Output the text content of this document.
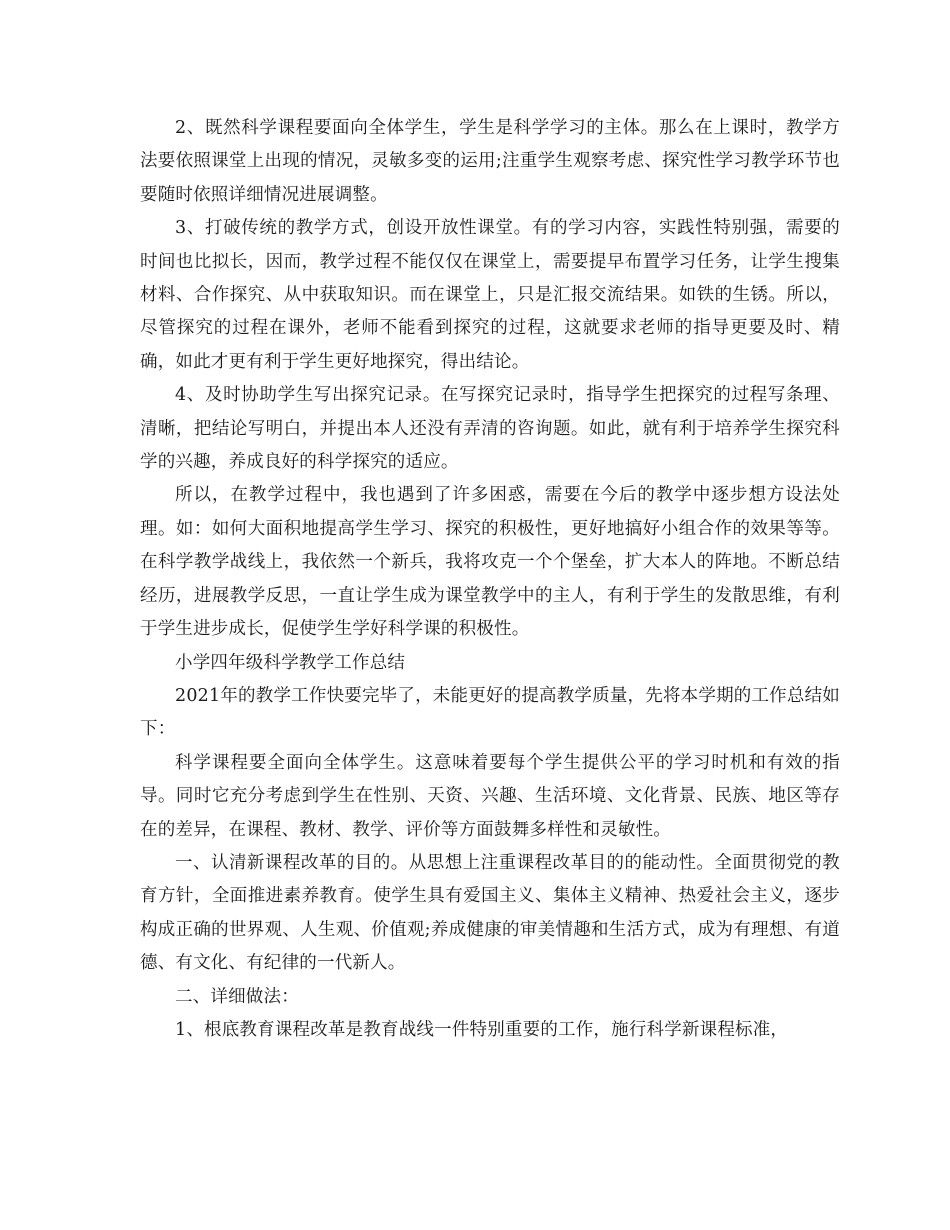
2、既然科学课程要面向全体学生，学生是科学学习的主体。那么在上课时，教学方法要依照课堂上出现的情况，灵敏多变的运用;注重学生观察考虑、探究性学习教学环节也要随时依照详细情况进展调整。

3、打破传统的教学方式，创设开放性课堂。有的学习内容，实践性特别强，需要的时间也比拟长，因而，教学过程不能仅仅在课堂上，需要提早布置学习任务，让学生搜集材料、合作探究、从中获取知识。而在课堂上，只是汇报交流结果。如铁的生锈。所以，尽管探究的过程在课外，老师不能看到探究的过程，这就要求老师的指导更要及时、精确，如此才更有利于学生更好地探究，得出结论。

4、及时协助学生写出探究记录。在写探究记录时，指导学生把探究的过程写条理、清晰，把结论写明白，并提出本人还没有弄清的咨询题。如此，就有利于培养学生探究科学的兴趣，养成良好的科学探究的适应。

所以，在教学过程中，我也遇到了许多困惑，需要在今后的教学中逐步想方设法处理。如：如何大面积地提高学生学习、探究的积极性，更好地搞好小组合作的效果等等。在科学教学战线上，我依然一个新兵，我将攻克一个个堡垒，扩大本人的阵地。不断总结经历，进展教学反思，一直让学生成为课堂教学中的主人，有利于学生的发散思维，有利于学生进步成长，促使学生学好科学课的积极性。

小学四年级科学教学工作总结

2021年的教学工作快要完毕了，未能更好的提高教学质量，先将本学期的工作总结如下：

科学课程要全面向全体学生。这意味着要每个学生提供公平的学习时机和有效的指导。同时它充分考虑到学生在性别、天资、兴趣、生活环境、文化背景、民族、地区等存在的差异，在课程、教材、教学、评价等方面鼓舞多样性和灵敏性。

一、认清新课程改革的目的。从思想上注重课程改革目的的能动性。全面贯彻党的教育方针，全面推进素养教育。使学生具有爱国主义、集体主义精神、热爱社会主义，逐步构成正确的世界观、人生观、价值观;养成健康的审美情趣和生活方式，成为有理想、有道德、有文化、有纪律的一代新人。

二、详细做法：

1、根底教育课程改革是教育战线一件特别重要的工作，施行科学新课程标准，
